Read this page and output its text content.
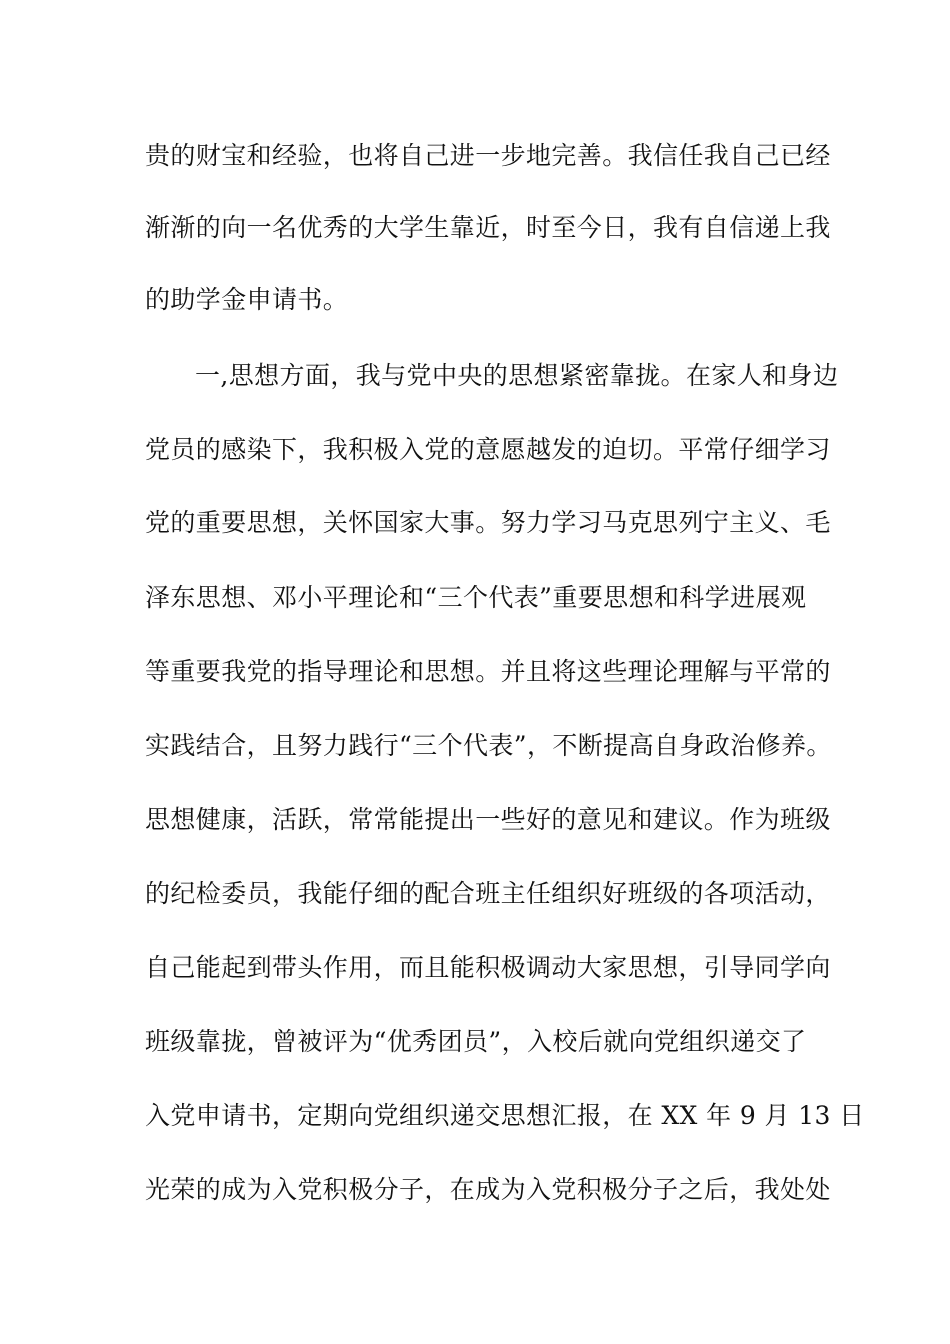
贵的财宝和经验，也将自己进一步地完善。我信任我自己已经
渐渐的向一名优秀的大学生靠近，时至今日，我有自信递上我
的助学金申请书。
一,思想方面，我与党中央的思想紧密靠拢。在家人和身边
党员的感染下，我积极入党的意愿越发的迫切。平常仔细学习
党的重要思想，关怀国家大事。努力学习马克思列宁主义、毛
泽东思想、邓小平理论和“三个代表”重要思想和科学进展观
等重要我党的指导理论和思想。并且将这些理论理解与平常的
实践结合，且努力践行“三个代表”，不断提高自身政治修养。
思想健康，活跃，常常能提出一些好的意见和建议。作为班级
的纪检委员，我能仔细的配合班主任组织好班级的各项活动，
自己能起到带头作用，而且能积极调动大家思想，引导同学向
班级靠拢，曾被评为“优秀团员”，入校后就向党组织递交了
入党申请书，定期向党组织递交思想汇报，在 XX 年 9 月 13 日
光荣的成为入党积极分子，在成为入党积极分子之后，我处处
